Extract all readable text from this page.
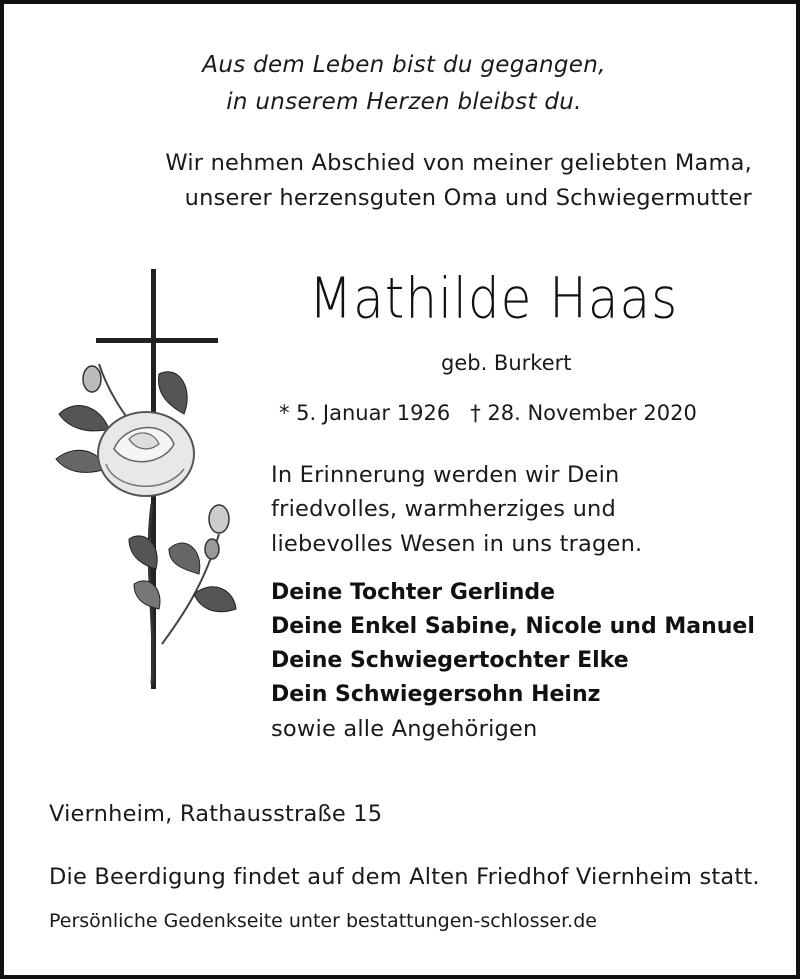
Aus dem Leben bist du gegangen,
in unserem Herzen bleibst du.
Wir nehmen Abschied von meiner geliebten Mama,
unserer herzensguten Oma und Schwiegermutter
Mathilde Haas
geb. Burkert
* 5. Januar 1926   † 28. November 2020
In Erinnerung werden wir Dein
friedvolles, warmherziges und
liebevolles Wesen in uns tragen.
Deine Tochter Gerlinde
Deine Enkel Sabine, Nicole und Manuel
Deine Schwiegertochter Elke
Dein Schwiegersohn Heinz
sowie alle Angehörigen
Viernheim, Rathausstraße 15
Die Beerdigung findet auf dem Alten Friedhof Viernheim statt.
Persönliche Gedenkseite unter bestattungen-schlosser.de
